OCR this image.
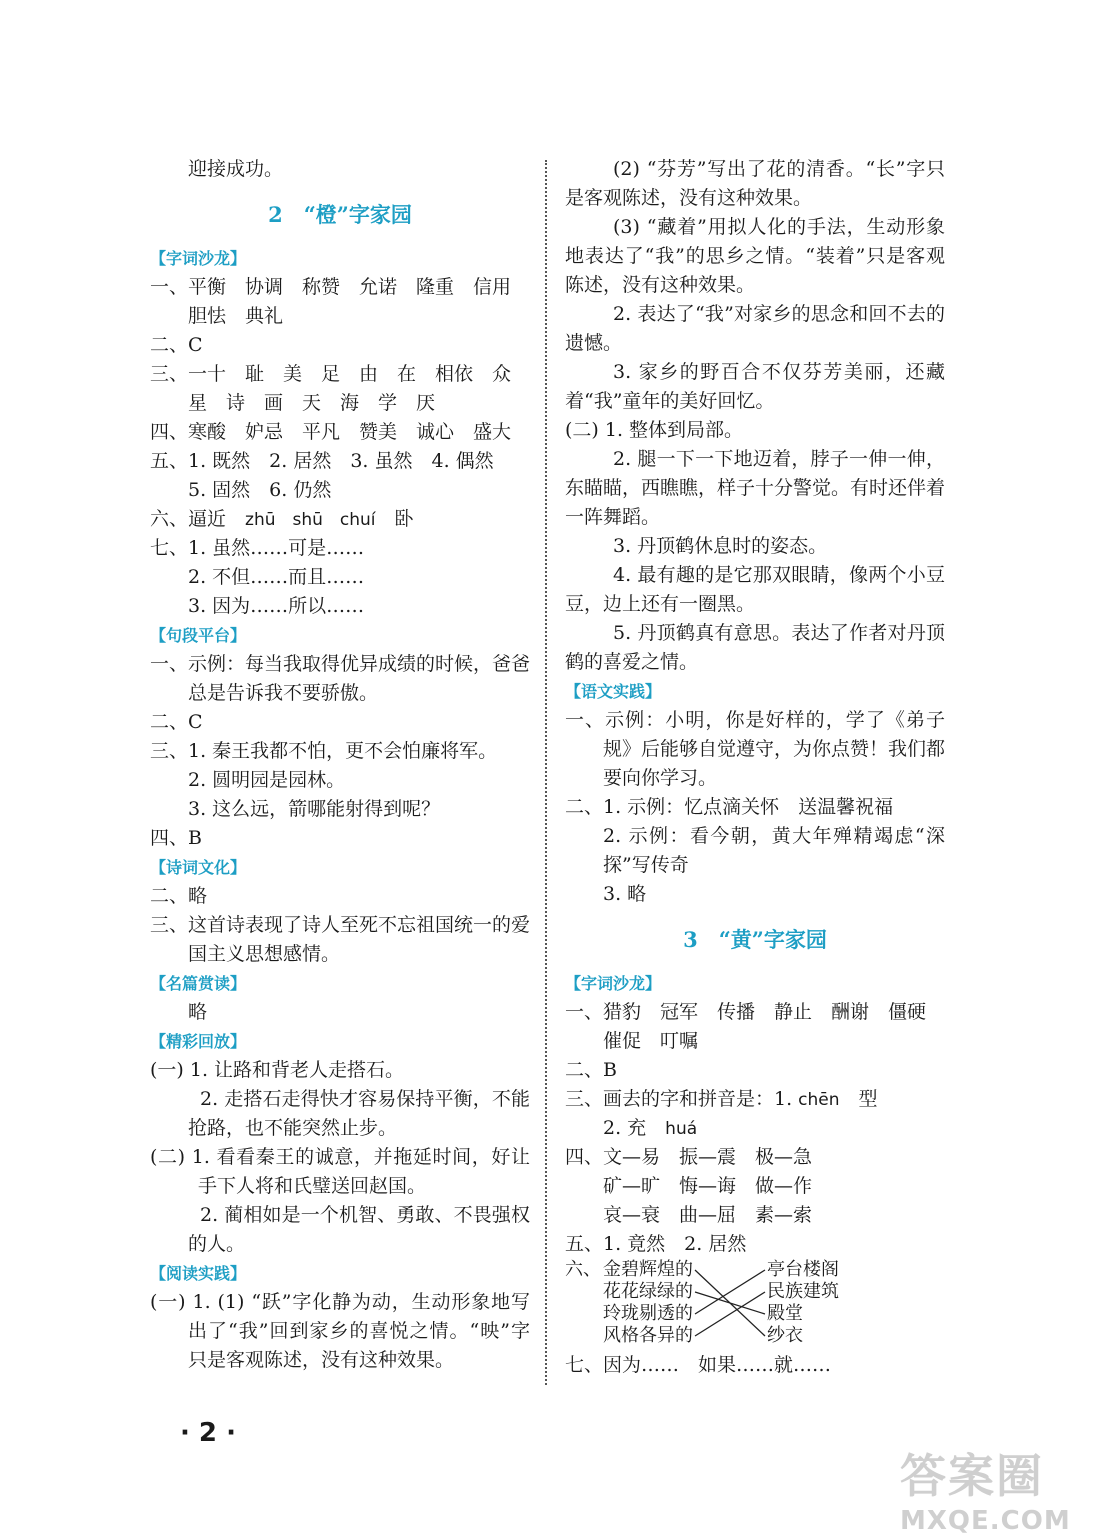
迎接成功。
2　“橙”字家园
【字词沙龙】
一、平衡　协调　称赞　允诺　隆重　信用
胆怯　典礼
二、C
三、一十　耻　美　足　由　在　相依　众
星　诗　画　天　海　学　厌
四、寒酸　妒忌　平凡　赞美　诚心　盛大
五、1. 既然　2. 居然　3. 虽然　4. 偶然
5. 固然　6. 仍然
六、逼近　zhū　shū　chuí　卧
七、1. 虽然……可是……
2. 不但……而且……
3. 因为……所以……
【句段平台】
一、示例：每当我取得优异成绩的时候，爸爸总是告诉我不要骄傲。
二、C
三、1. 秦王我都不怕，更不会怕廉将军。
2. 圆明园是园林。
3. 这么远，箭哪能射得到呢？
四、B
【诗词文化】
二、略
三、这首诗表现了诗人至死不忘祖国统一的爱国主义思想感情。
【名篇赏读】
略
【精彩回放】
(一) 1. 让路和背老人走搭石。
2. 走搭石走得快才容易保持平衡，不能抢路，也不能突然止步。
(二) 1. 看看秦王的诚意，并拖延时间，好让手下人将和氏璧送回赵国。
2. 蔺相如是一个机智、勇敢、不畏强权的人。
【阅读实践】
(一) 1. (1) “跃”字化静为动，生动形象地写出了“我”回到家乡的喜悦之情。“映”字只是客观陈述，没有这种效果。
(2) “芬芳”写出了花的清香。“长”字只是客观陈述，没有这种效果。
(3) “藏着”用拟人化的手法，生动形象地表达了“我”的思乡之情。“装着”只是客观陈述，没有这种效果。
2. 表达了“我”对家乡的思念和回不去的遗憾。
3. 家乡的野百合不仅芬芳美丽，还藏着“我”童年的美好回忆。
(二) 1. 整体到局部。
2. 腿一下一下地迈着，脖子一伸一伸，东瞄瞄，西瞧瞧，样子十分警觉。有时还伴着一阵舞蹈。
3. 丹顶鹤休息时的姿态。
4. 最有趣的是它那双眼睛，像两个小豆豆，边上还有一圈黑。
5. 丹顶鹤真有意思。表达了作者对丹顶鹤的喜爱之情。
【语文实践】
一、示例：小明，你是好样的，学了《弟子规》后能够自觉遵守，为你点赞！我们都要向你学习。
二、1. 示例：忆点滴关怀　送温馨祝福
2. 示例：看今朝，黄大年殚精竭虑“深探”写传奇
3. 略
3　“黄”字家园
【字词沙龙】
一、猎豹　冠军　传播　静止　酬谢　僵硬
催促　叮嘱
二、B
三、画去的字和拼音是：1. chēn　型
2. 充　huá
四、文—易　振—震　极—急
矿—旷　悔—诲　做—作
哀—衰　曲—屈　素—索
五、1. 竟然　2. 居然
六、 金碧辉煌的
花花绿绿的
玲珑剔透的
风格各异的
亭台楼阁
民族建筑
殿堂
纱衣
七、因为……　如果……就……
· 2 ·
答案圈
MXQE.COM
